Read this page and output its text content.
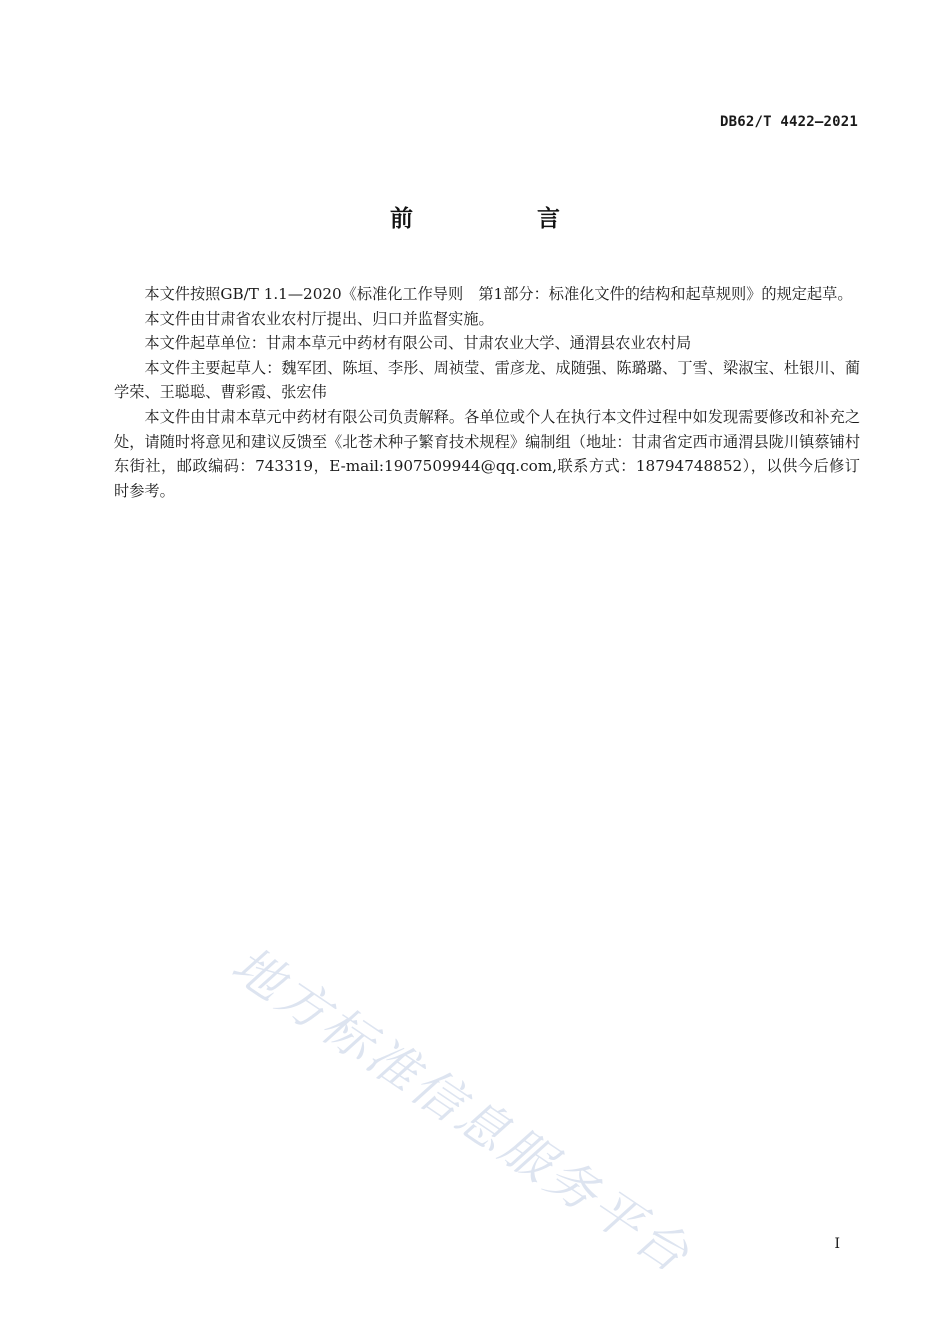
DB62/T 4422—2021
前 言

本文件按照GB/T 1.1—2020《标准化工作导则　第1部分：标准化文件的结构和起草规则》的规定起草。

本文件由甘肃省农业农村厅提出、归口并监督实施。

本文件起草单位：甘肃本草元中药材有限公司、甘肃农业大学、通渭县农业农村局

本文件主要起草人：魏军团、陈垣、李彤、周祯莹、雷彦龙、成随强、陈璐璐、丁雪、梁淑宝、杜银川、蔺学荣、王聪聪、曹彩霞、张宏伟

本文件由甘肃本草元中药材有限公司负责解释。各单位或个人在执行本文件过程中如发现需要修改和补充之处，请随时将意见和建议反馈至《北苍术种子繁育技术规程》编制组（地址：甘肃省定西市通渭县陇川镇蔡铺村东街社，邮政编码：743319，E-mail:1907509944@qq.com,联系方式：18794748852），以供今后修订时参考。

地方标准信息服务平台	I
